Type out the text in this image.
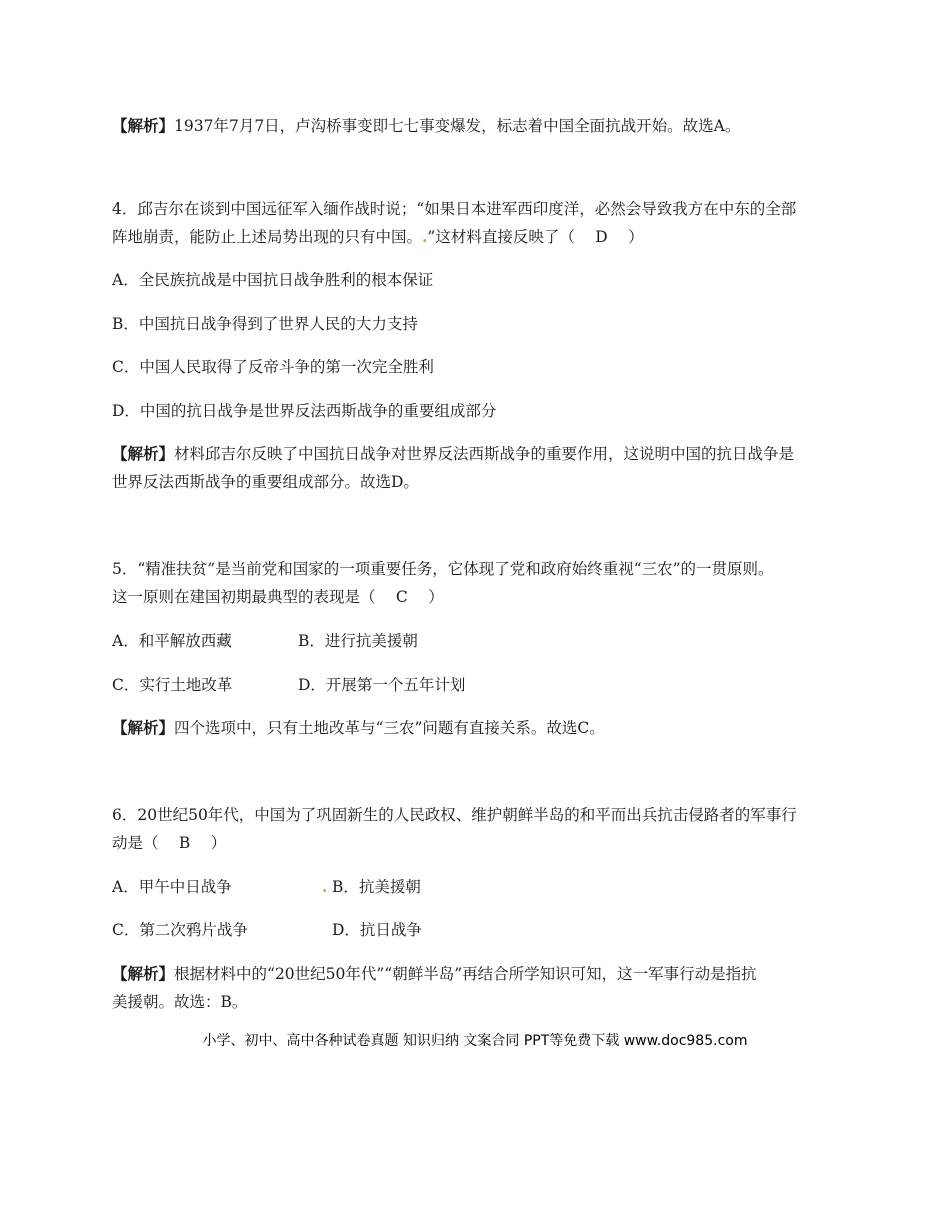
【解析】1937年7月7日，卢沟桥事变即七七事变爆发，标志着中国全面抗战开始。故选A。
4．邱吉尔在谈到中国远征军入缅作战时说；“如果日本进军西印度洋，必然会导致我方在中东的全部
阵地崩责，能防止上述局势出现的只有中国。.”这材料直接反映了（　 D　 ）
A．全民族抗战是中国抗日战争胜利的根本保证
B．中国抗日战争得到了世界人民的大力支持
C．中国人民取得了反帝斗争的第一次完全胜利
D．中国的抗日战争是世界反法西斯战争的重要组成部分
【解析】材料邱吉尔反映了中国抗日战争对世界反法西斯战争的重要作用，这说明中国的抗日战争是
世界反法西斯战争的重要组成部分。故选D。
5．“精准扶贫”是当前党和国家的一项重要任务，它体现了党和政府始终重视“三农”的一贯原则。
这一原则在建国初期最典型的表现是（　 C　 ）
A．和平解放西藏	B．进行抗美援朝
C．实行土地改革	D．开展第一个五年计划
【解析】四个选项中，只有土地改革与“三农”问题有直接关系。故选C。
6．20世纪50年代，中国为了巩固新生的人民政权、维护朝鲜半岛的和平而出兵抗击侵路者的军事行
动是（　 B　 ）
A．甲午中日战争	. B．抗美援朝
C．第二次鸦片战争	D．抗日战争
【解析】根据材料中的“20世纪50年代”“朝鲜半岛”再结合所学知识可知，这一军事行动是指抗
美援朝。故选：B。
小学、初中、高中各种试卷真题 知识归纳 文案合同 PPT等免费下载 www.doc985.com
